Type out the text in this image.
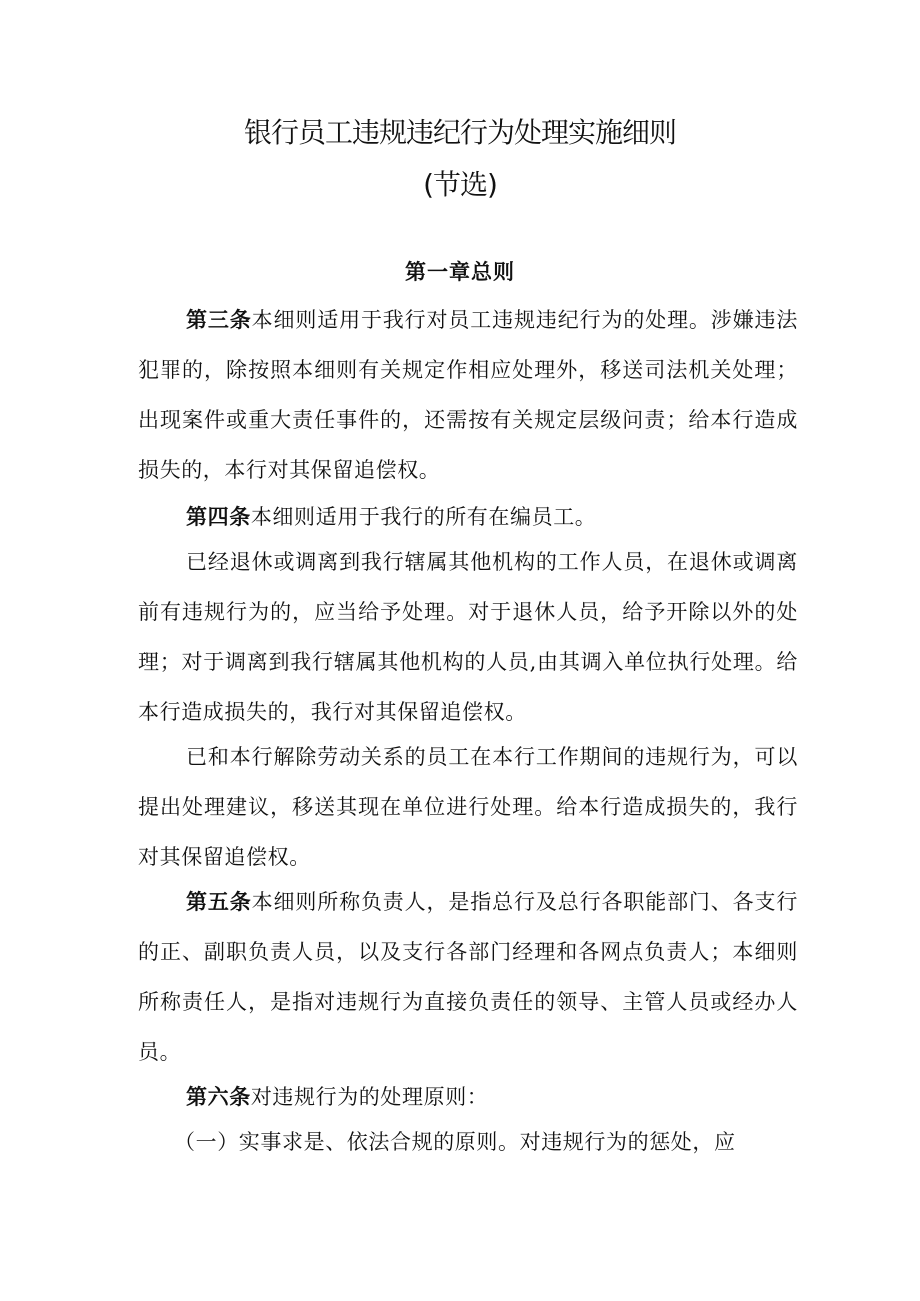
银行员工违规违纪行为处理实施细则
(节选)
第一章总则

第三条本细则适用于我行对员工违规违纪行为的处理。涉嫌违法犯罪的，除按照本细则有关规定作相应处理外，移送司法机关处理；出现案件或重大责任事件的，还需按有关规定层级问责；给本行造成损失的，本行对其保留追偿权。

第四条本细则适用于我行的所有在编员工。

已经退休或调离到我行辖属其他机构的工作人员，在退休或调离前有违规行为的，应当给予处理。对于退休人员，给予开除以外的处理；对于调离到我行辖属其他机构的人员,由其调入单位执行处理。给本行造成损失的，我行对其保留追偿权。

已和本行解除劳动关系的员工在本行工作期间的违规行为，可以提出处理建议，移送其现在单位进行处理。给本行造成损失的，我行对其保留追偿权。

第五条本细则所称负责人，是指总行及总行各职能部门、各支行的正、副职负责人员，以及支行各部门经理和各网点负责人；本细则所称责任人，是指对违规行为直接负责任的领导、主管人员或经办人员。

第六条对违规行为的处理原则：

（一）实事求是、依法合规的原则。对违规行为的惩处，应
